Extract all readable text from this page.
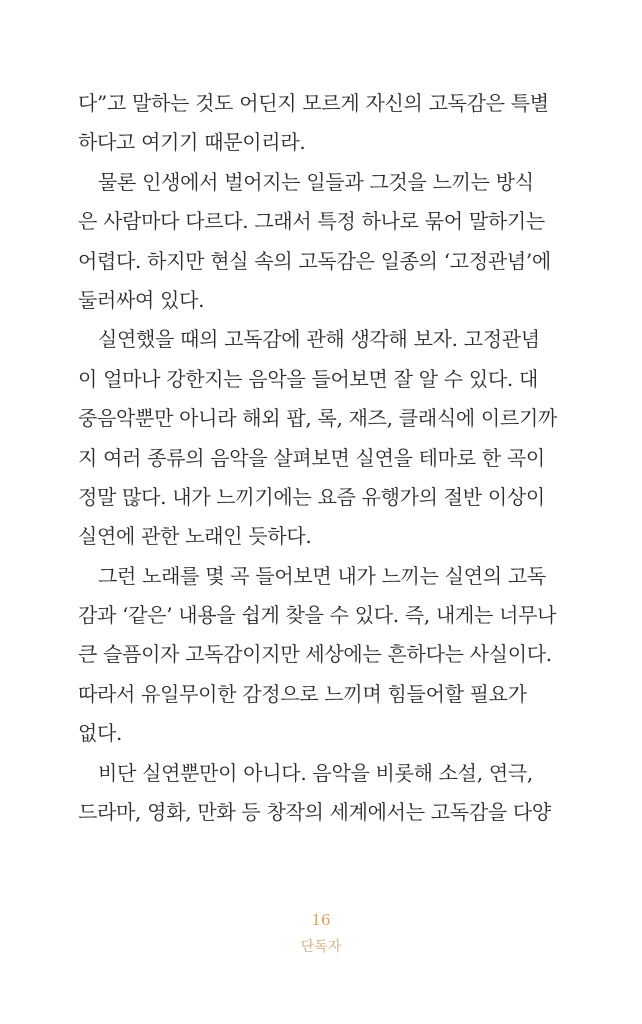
다”고 말하는 것도 어딘지 모르게 자신의 고독감은 특별
하다고 여기기 때문이리라.
물론 인생에서 벌어지는 일들과 그것을 느끼는 방식
은 사람마다 다르다. 그래서 특정 하나로 묶어 말하기는
어렵다. 하지만 현실 속의 고독감은 일종의 ‘고정관념’에
둘러싸여 있다.
실연했을 때의 고독감에 관해 생각해 보자. 고정관념
이 얼마나 강한지는 음악을 들어보면 잘 알 수 있다. 대
중음악뿐만 아니라 해외 팝, 록, 재즈, 클래식에 이르기까
지 여러 종류의 음악을 살펴보면 실연을 테마로 한 곡이
정말 많다. 내가 느끼기에는 요즘 유행가의 절반 이상이
실연에 관한 노래인 듯하다.
그런 노래를 몇 곡 들어보면 내가 느끼는 실연의 고독
감과 ‘같은’ 내용을 쉽게 찾을 수 있다. 즉, 내게는 너무나
큰 슬픔이자 고독감이지만 세상에는 흔하다는 사실이다.
따라서 유일무이한 감정으로 느끼며 힘들어할 필요가
없다.
비단 실연뿐만이 아니다. 음악을 비롯해 소설, 연극,
드라마, 영화, 만화 등 창작의 세계에서는 고독감을 다양
16
단독자
